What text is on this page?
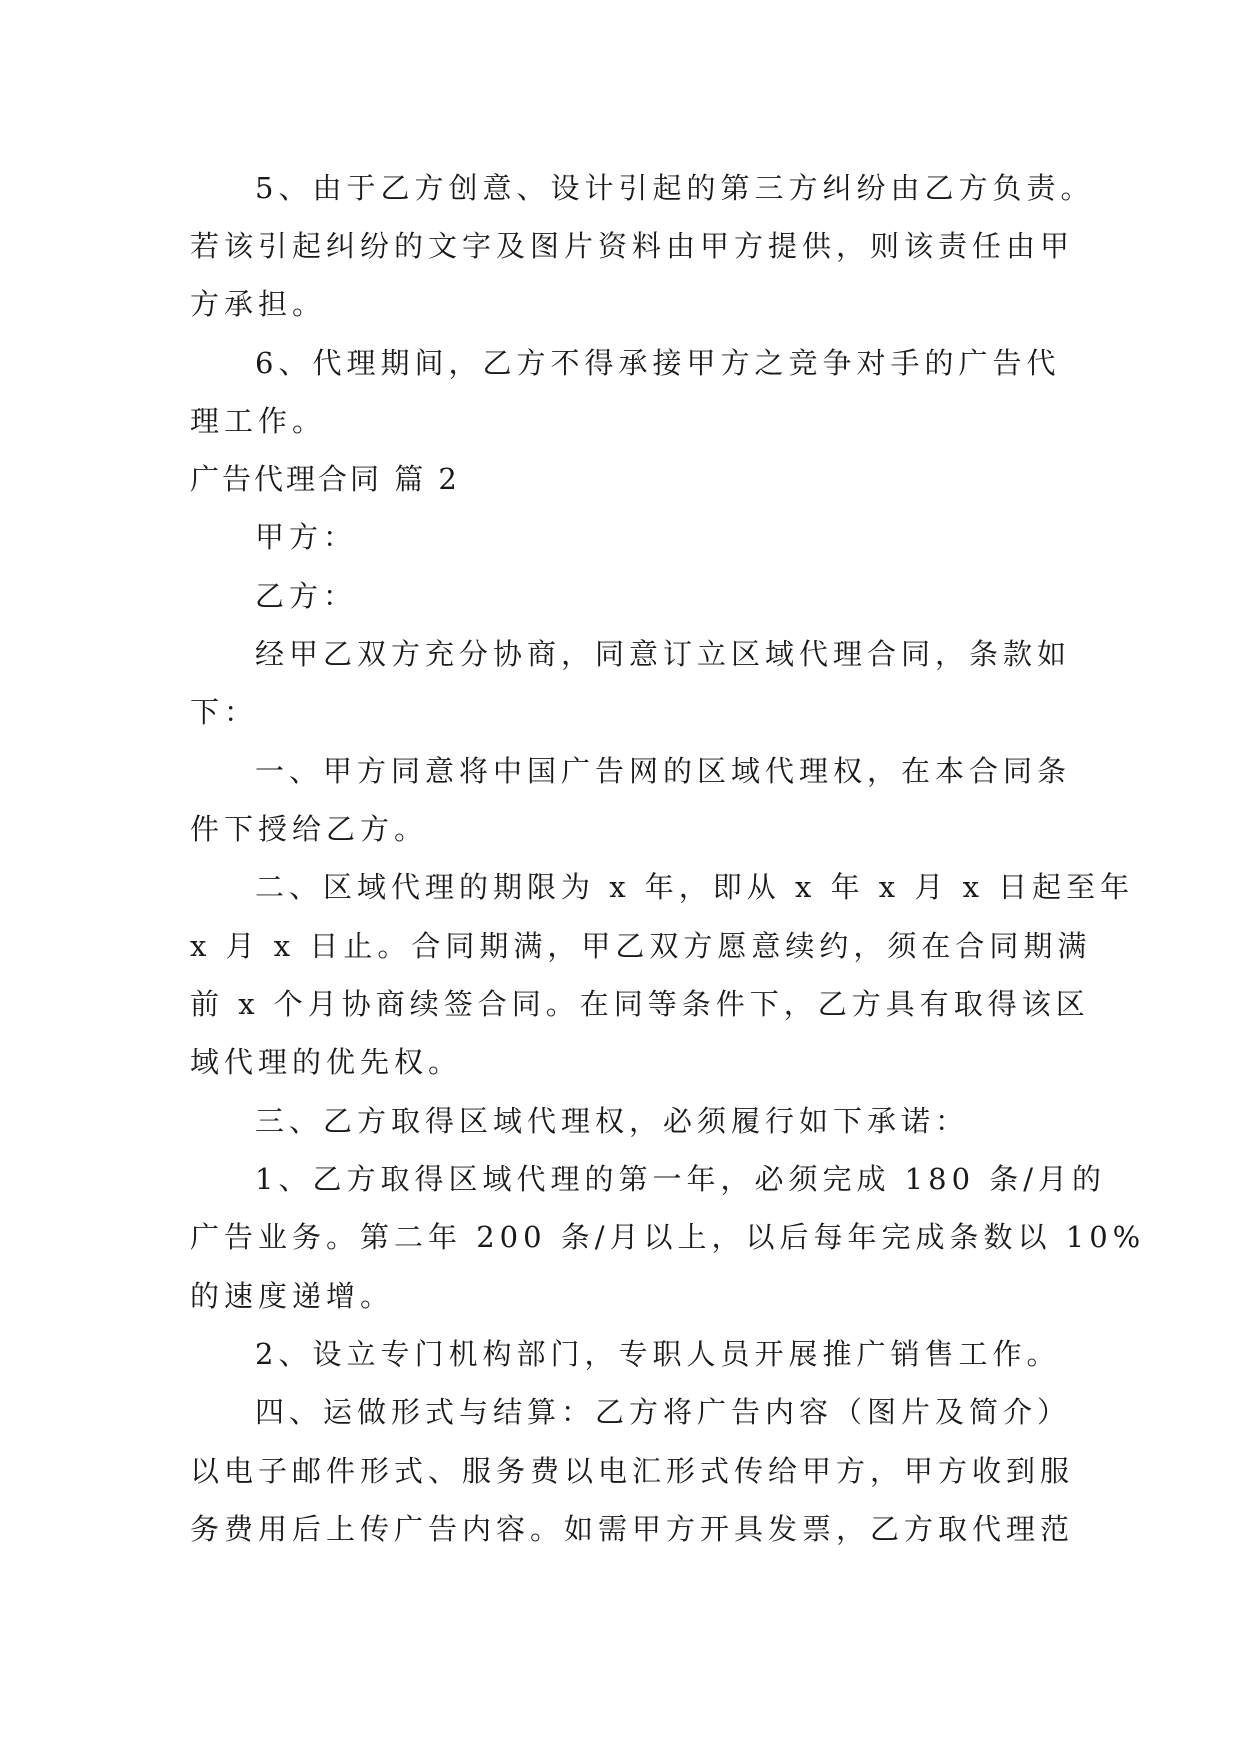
5、由于乙方创意、设计引起的第三方纠纷由乙方负责。
若该引起纠纷的文字及图片资料由甲方提供，则该责任由甲
方承担。
6、代理期间，乙方不得承接甲方之竞争对手的广告代
理工作。
广告代理合同 篇 2
甲方：
乙方：
经甲乙双方充分协商，同意订立区域代理合同，条款如
下：
一、甲方同意将中国广告网的区域代理权，在本合同条
件下授给乙方。
二、区域代理的期限为 x 年，即从 x 年 x 月 x 日起至年
x 月 x 日止。合同期满，甲乙双方愿意续约，须在合同期满
前 x 个月协商续签合同。在同等条件下，乙方具有取得该区
域代理的优先权。
三、乙方取得区域代理权，必须履行如下承诺：
1、乙方取得区域代理的第一年，必须完成 180 条/月的
广告业务。第二年 200 条/月以上，以后每年完成条数以 10%
的速度递增。
2、设立专门机构部门，专职人员开展推广销售工作。
四、运做形式与结算：乙方将广告内容（图片及简介）
以电子邮件形式、服务费以电汇形式传给甲方，甲方收到服
务费用后上传广告内容。如需甲方开具发票，乙方取代理范
